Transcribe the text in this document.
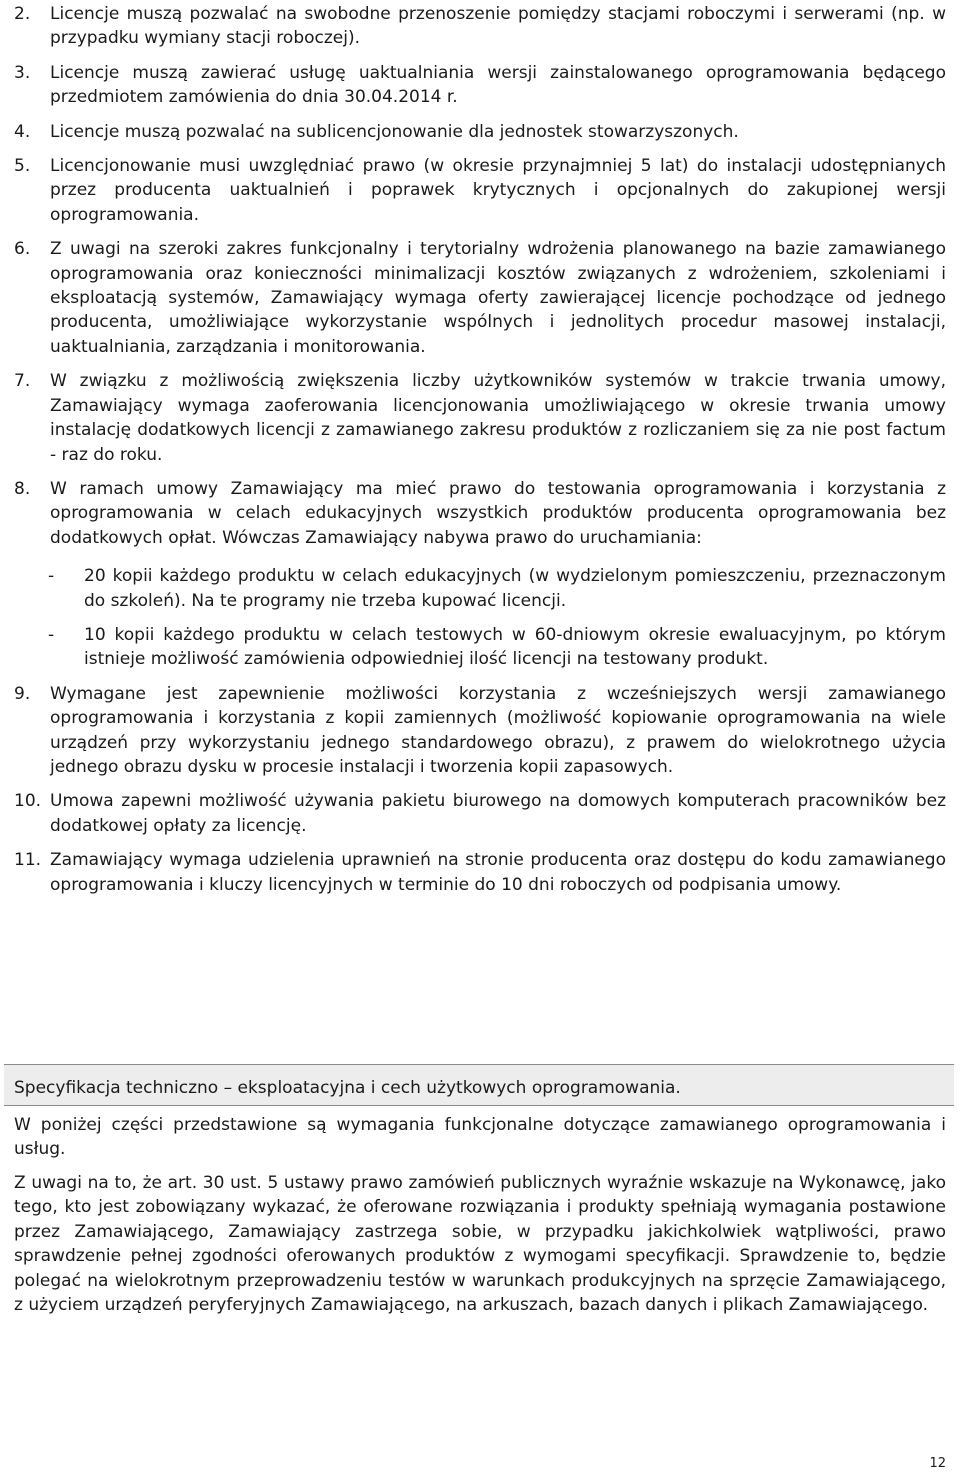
2.	Licencje muszą pozwalać na swobodne przenoszenie pomiędzy stacjami roboczymi i serwerami (np. w przypadku wymiany stacji roboczej).
3.	Licencje muszą zawierać usługę uaktualniania wersji zainstalowanego oprogramowania będącego przedmiotem zamówienia do dnia 30.04.2014 r.
4.	Licencje muszą pozwalać na sublicencjonowanie dla jednostek stowarzyszonych.
5.	Licencjonowanie musi uwzględniać prawo (w okresie przynajmniej 5 lat) do instalacji udostępnianych przez producenta uaktualnień i poprawek krytycznych i opcjonalnych do zakupionej wersji oprogramowania.
6.	Z uwagi na szeroki zakres funkcjonalny i terytorialny wdrożenia planowanego na bazie zamawianego oprogramowania oraz konieczności minimalizacji kosztów związanych z wdrożeniem, szkoleniami i eksploatacją systemów, Zamawiający wymaga oferty zawierającej licencje pochodzące od jednego producenta, umożliwiające wykorzystanie wspólnych i jednolitych procedur masowej instalacji, uaktualniania, zarządzania i monitorowania.
7.	W związku z możliwością zwiększenia liczby użytkowników systemów w trakcie trwania umowy, Zamawiający wymaga zaoferowania licencjonowania umożliwiającego w okresie trwania umowy instalację dodatkowych licencji z zamawianego zakresu produktów z rozliczaniem się za nie post factum - raz do roku.
8.	W ramach umowy Zamawiający ma mieć prawo do testowania oprogramowania i korzystania z oprogramowania w celach edukacyjnych wszystkich produktów producenta oprogramowania bez dodatkowych opłat. Wówczas Zamawiający nabywa prawo do uruchamiania:
-	20 kopii każdego produktu w celach edukacyjnych (w wydzielonym pomieszczeniu, przeznaczonym do szkoleń). Na te programy nie trzeba kupować licencji.
-	10 kopii każdego produktu w celach testowych w 60-dniowym okresie ewaluacyjnym, po którym istnieje możliwość zamówienia odpowiedniej ilość licencji na testowany produkt.
9.	Wymagane jest zapewnienie możliwości korzystania z wcześniejszych wersji zamawianego oprogramowania i korzystania z kopii zamiennych (możliwość kopiowanie oprogramowania na wiele urządzeń przy wykorzystaniu jednego standardowego obrazu), z prawem do wielokrotnego użycia jednego obrazu dysku w procesie instalacji i tworzenia kopii zapasowych.
10. Umowa zapewni możliwość używania pakietu biurowego na domowych komputerach pracowników bez dodatkowej opłaty za licencję.
11. Zamawiający wymaga udzielenia uprawnień na stronie producenta oraz dostępu do kodu zamawianego oprogramowania i kluczy licencyjnych w terminie do 10 dni roboczych od podpisania umowy.
Specyfikacja techniczno – eksploatacyjna i cech użytkowych oprogramowania.
W poniżej części przedstawione są wymagania funkcjonalne dotyczące zamawianego oprogramowania i usług.
Z uwagi na to, że art. 30 ust. 5 ustawy prawo zamówień publicznych wyraźnie wskazuje na Wykonawcę, jako tego, kto jest zobowiązany wykazać, że oferowane rozwiązania i produkty spełniają wymagania postawione przez Zamawiającego, Zamawiający zastrzega sobie, w przypadku jakichkolwiek wątpliwości, prawo sprawdzenie pełnej zgodności oferowanych produktów z wymogami specyfikacji. Sprawdzenie to, będzie polegać na wielokrotnym przeprowadzeniu testów w warunkach produkcyjnych na sprzęcie Zamawiającego, z użyciem urządzeń peryferyjnych Zamawiającego, na arkuszach, bazach danych i plikach Zamawiającego.
12
